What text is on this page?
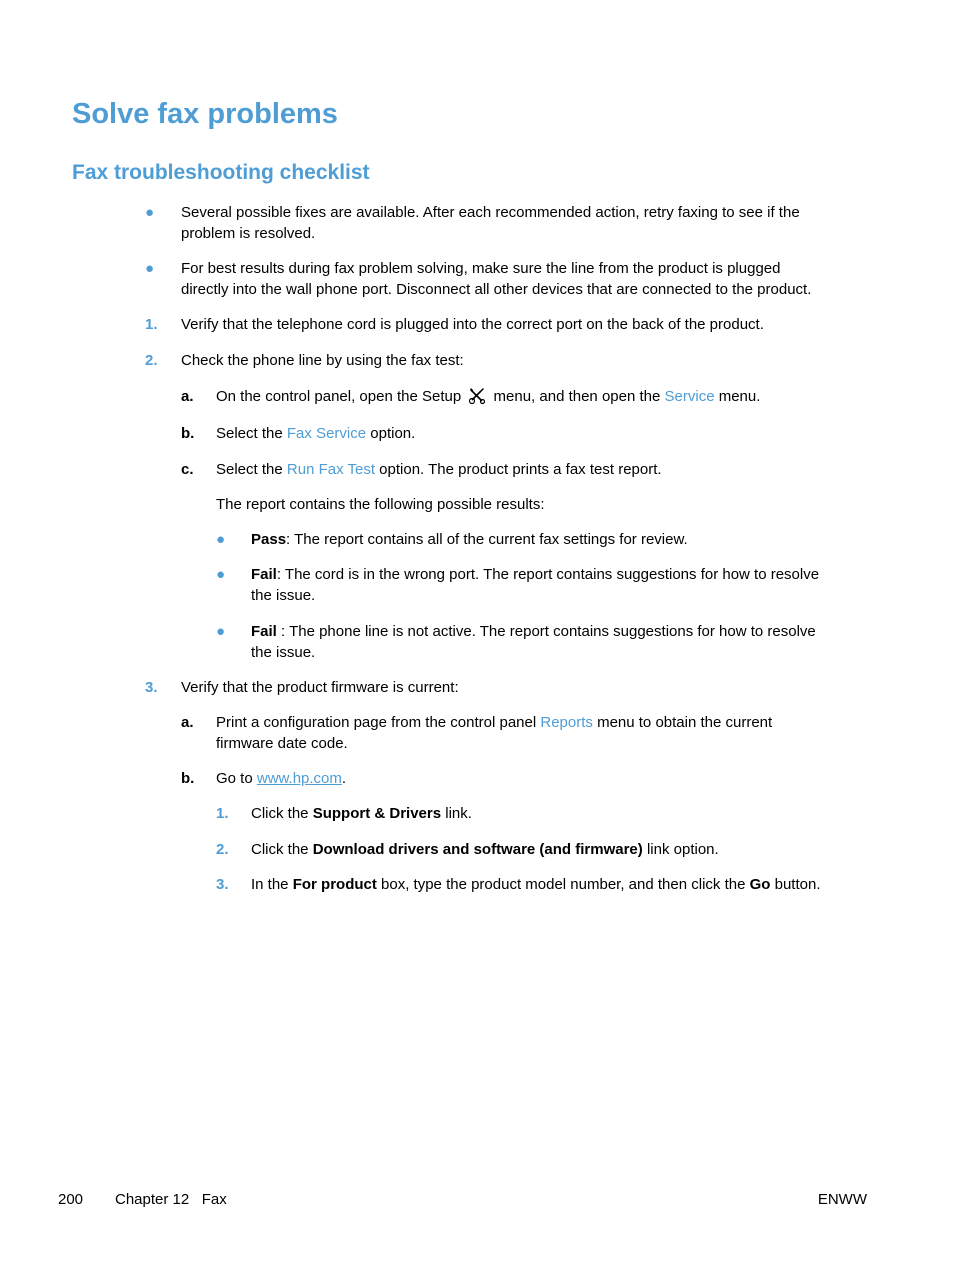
Solve fax problems
Fax troubleshooting checklist
● Several possible fixes are available. After each recommended action, retry faxing to see if the
problem is resolved.
● For best results during fax problem solving, make sure the line from the product is plugged
directly into the wall phone port. Disconnect all other devices that are connected to the product.
1. Verify that the telephone cord is plugged into the correct port on the back of the product.
2. Check the phone line by using the fax test:
a. On the control panel, open the Setup menu, and then open the Service menu.
b. Select the Fax Service option.
c. Select the Run Fax Test option. The product prints a fax test report.
The report contains the following possible results:
● Pass: The report contains all of the current fax settings for review.
● Fail: The cord is in the wrong port. The report contains suggestions for how to resolve
the issue.
● Fail : The phone line is not active. The report contains suggestions for how to resolve
the issue.
3. Verify that the product firmware is current:
a. Print a configuration page from the control panel Reports menu to obtain the current
firmware date code.
b. Go to www.hp.com.
1. Click the Support & Drivers link.
2. Click the Download drivers and software (and firmware) link option.
3. In the For product box, type the product model number, and then click the Go button.
200 Chapter 12   Fax	ENWW
